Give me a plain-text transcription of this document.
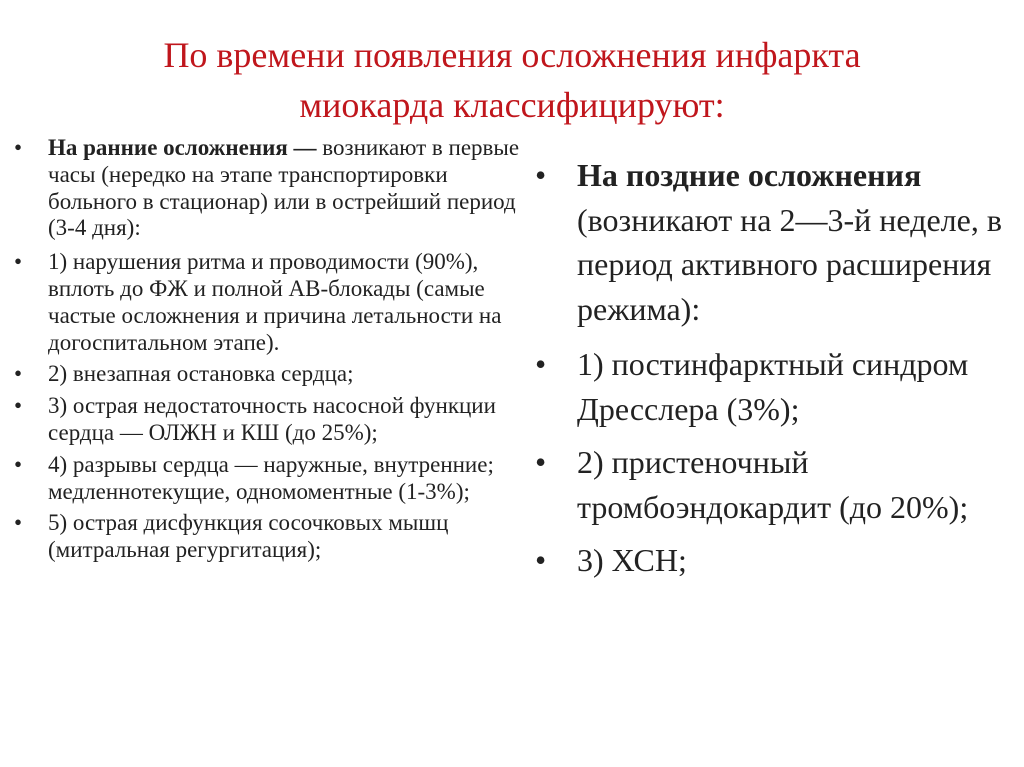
По времени появления осложнения инфаркта
миокарда классифицируют:
• На ранние осложнения — возникают в первые часы (нередко на этапе транспортировки больного в стационар) или в острейший период (3-4 дня):
• 1) нарушения ритма и проводимости (90%), вплоть до ФЖ и полной АВ-блокады (самые частые осложнения и причина летальности на догоспитальном этапе).
• 2) внезапная остановка сердца;
• 3) острая недостаточность насосной функции сердца — ОЛЖН и КШ (до 25%);
• 4) разрывы сердца — наружные, внутренние; медленнотекущие, одномоментные (1-3%);
• 5) острая дисфункция сосочковых мышц (митральная регургитация);
• На поздние осложнения (возникают на 2—3-й неделе, в период активного расширения режима):
• 1) постинфарктный синдром Дресслера (3%);
• 2) пристеночный тромбоэндокардит (до 20%);
• 3) ХСН;
